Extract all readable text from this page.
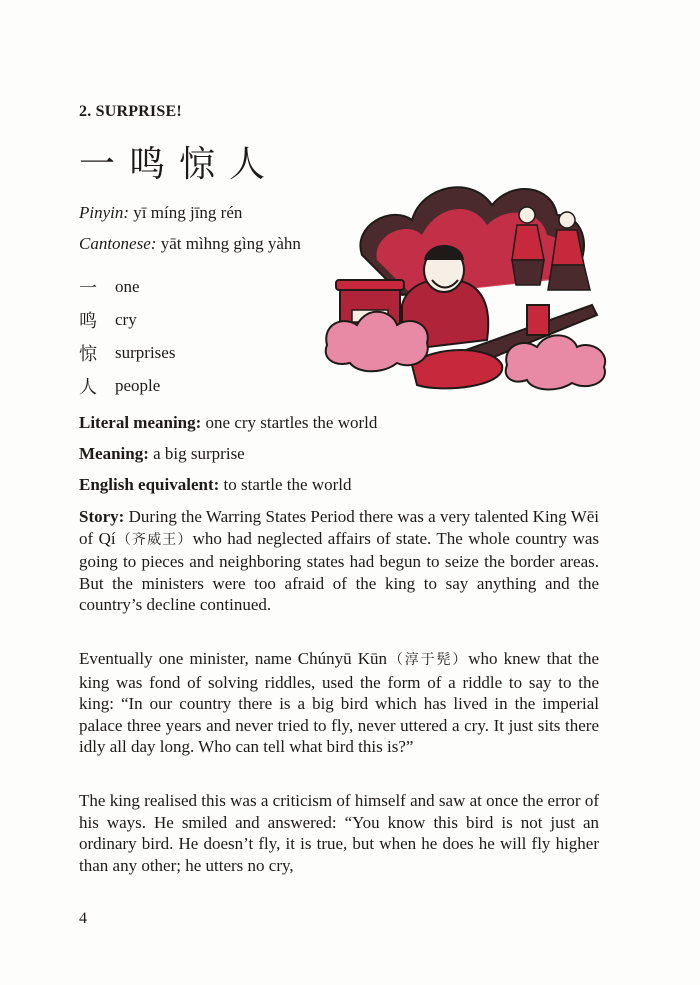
2. SURPRISE!
一鸣惊人
Pinyin: yī míng jīng rén
Cantonese: yāt mìhng gìng yàhn
一	one
鸣	cry
惊	surprises
人	people
Literal meaning: one cry startles the world
Meaning: a big surprise
English equivalent: to startle the world

Story: During the Warring States Period there was a very talented King Wēi of Qí（齐威王）who had neglected affairs of state. The whole country was going to pieces and neighboring states had begun to seize the border areas. But the ministers were too afraid of the king to say anything and the country’s decline continued.

Eventually one minister, name Chúnyū Kūn（淳于髡）who knew that the king was fond of solving riddles, used the form of a riddle to say to the king: “In our country there is a big bird which has lived in the imperial palace three years and never tried to fly, never uttered a cry. It just sits there idly all day long. Who can tell what bird this is?”

The king realised this was a criticism of himself and saw at once the error of his ways. He smiled and answered: “You know this bird is not just an ordinary bird. He doesn’t fly, it is true, but when he does he will fly higher than any other; he utters no cry,

4
